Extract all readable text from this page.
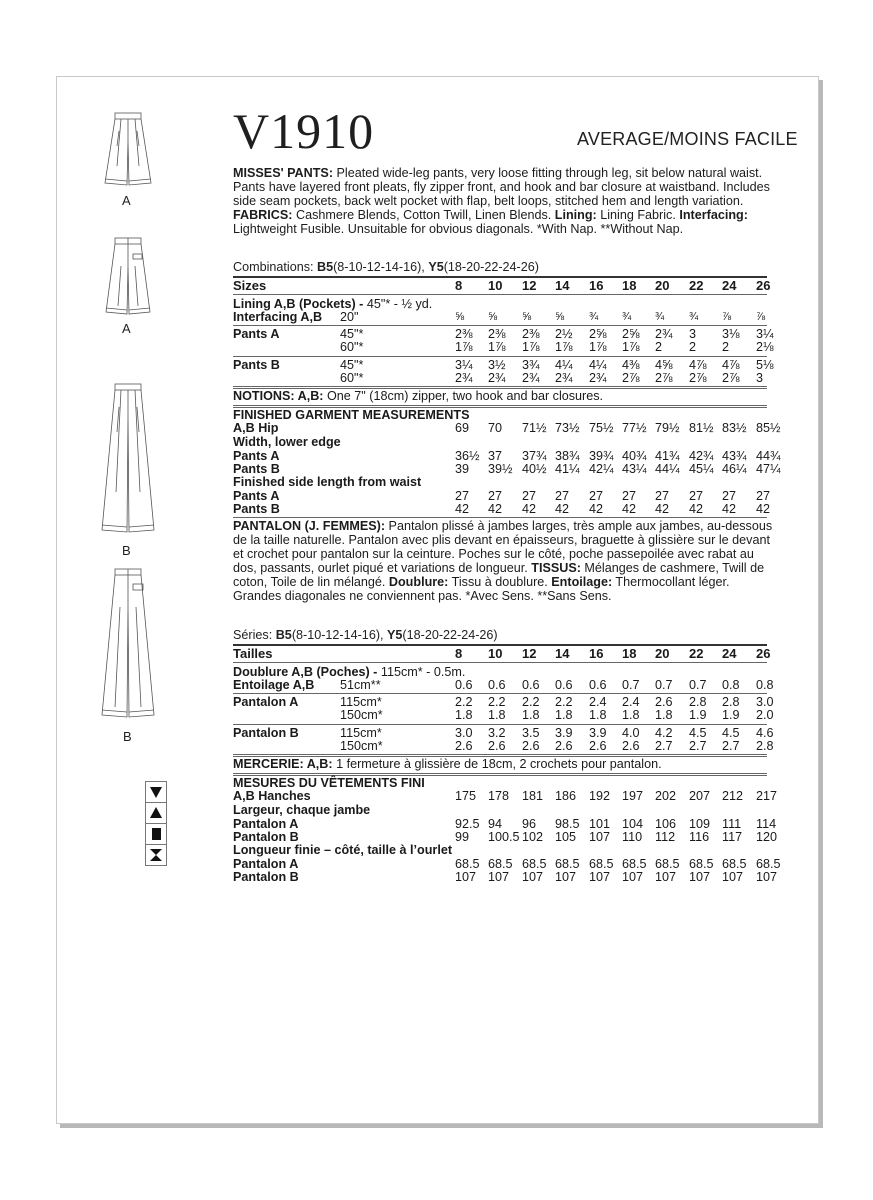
V1910	AVERAGE/MOINS FACILE
MISSES' PANTS: Pleated wide-leg pants, very loose fitting through leg, sit below natural waist. Pants have layered front pleats, fly zipper front, and hook and bar closure at waistband. Includes side seam pockets, back welt pocket with flap, belt loops, stitched hem and length variation. FABRICS: Cashmere Blends, Cotton Twill, Linen Blends. Lining: Lining Fabric. Interfacing: Lightweight Fusible. Unsuitable for obvious diagonals. *With Nap. **Without Nap.
Combinations: B5(8-10-12-14-16), Y5(18-20-22-24-26)
PANTALON (J. FEMMES): Pantalon plissé à jambes larges, très ample aux jambes, au-dessous de la taille naturelle. Pantalon avec plis devant en épaisseurs, braguette à glissière sur le devant et crochet pour pantalon sur la ceinture. Poches sur le côté, poche passepoilée avec rabat au dos, passants, ourlet piqué et variations de longueur. TISSUS: Mélanges de cashmere, Twill de coton, Toile de lin mélangé. Doublure: Tissu à doublure. Entoilage: Thermocollant léger. Grandes diagonales ne conviennent pas. *Avec Sens. **Sans Sens.
Séries: B5(8-10-12-14-16), Y5(18-20-22-24-26)
A
A
B
B
Sizes	8 10 12 14 16 18 20 22 24 26
Lining A,B (Pockets) - 45"* - ½ yd.
Interfacing A,B 20"	⅝ ⅝ ⅝ ⅝ ¾ ¾ ¾ ¾ ⅞ ⅞
Pants A	45"*	2⅜ 2⅜ 2⅜ 2½ 2⅝ 2⅝ 2¾ 3 3⅛ 3¼
60"*	1⅞ 1⅞ 1⅞ 1⅞ 1⅞ 1⅞ 2 2 2 2⅛
Pants B	45"*	3¼ 3½ 3¾ 4¼ 4¼ 4⅜ 4⅝ 4⅞ 4⅞ 5⅛
60"*	2¾ 2¾ 2¾ 2¾ 2¾ 2⅞ 2⅞ 2⅞ 2⅞ 3
NOTIONS: A,B: One 7" (18cm) zipper, two hook and bar closures.
FINISHED GARMENT MEASUREMENTS
A,B Hip	69 70 71½ 73½ 75½ 77½ 79½ 81½ 83½ 85½
Width, lower edge
Pants A	36½ 37 37¾ 38¾ 39¾ 40¾ 41¾ 42¾ 43¾ 44¾
Pants B	39 39½ 40½ 41¼ 42¼ 43¼ 44¼ 45¼ 46¼ 47¼
Finished side length from waist
Pants A	27 27 27 27 27 27 27 27 27 27
Pants B	42 42 42 42 42 42 42 42 42 42
Tailles	8 10 12 14 16 18 20 22 24 26
Doublure A,B (Poches) - 115cm* - 0.5m.
Entoilage A,B 51cm**	0.6 0.6 0.6 0.6 0.6 0.7 0.7 0.7 0.8 0.8
Pantalon A	115cm*	2.2 2.2 2.2 2.2 2.4 2.4 2.6 2.8 2.8 3.0
150cm*	1.8 1.8 1.8 1.8 1.8 1.8 1.8 1.9 1.9 2.0
Pantalon B	115cm*	3.0 3.2 3.5 3.9 3.9 4.0 4.2 4.5 4.5 4.6
150cm*	2.6 2.6 2.6 2.6 2.6 2.6 2.7 2.7 2.7 2.8
MERCERIE: A,B: 1 fermeture à glissière de 18cm, 2 crochets pour pantalon.
MESURES DU VÊTEMENTS FINI
A,B Hanches	175 178 181 186 192 197 202 207 212 217
Largeur, chaque jambe
Pantalon A	92.5 94 96 98.5 101 104 106 109 111 114
Pantalon B	99 100.5 102 105 107 110 112 116 117 120
Longueur finie – côté, taille à l’ourlet
Pantalon A	68.5 68.5 68.5 68.5 68.5 68.5 68.5 68.5 68.5 68.5
Pantalon B	107 107 107 107 107 107 107 107 107 107
